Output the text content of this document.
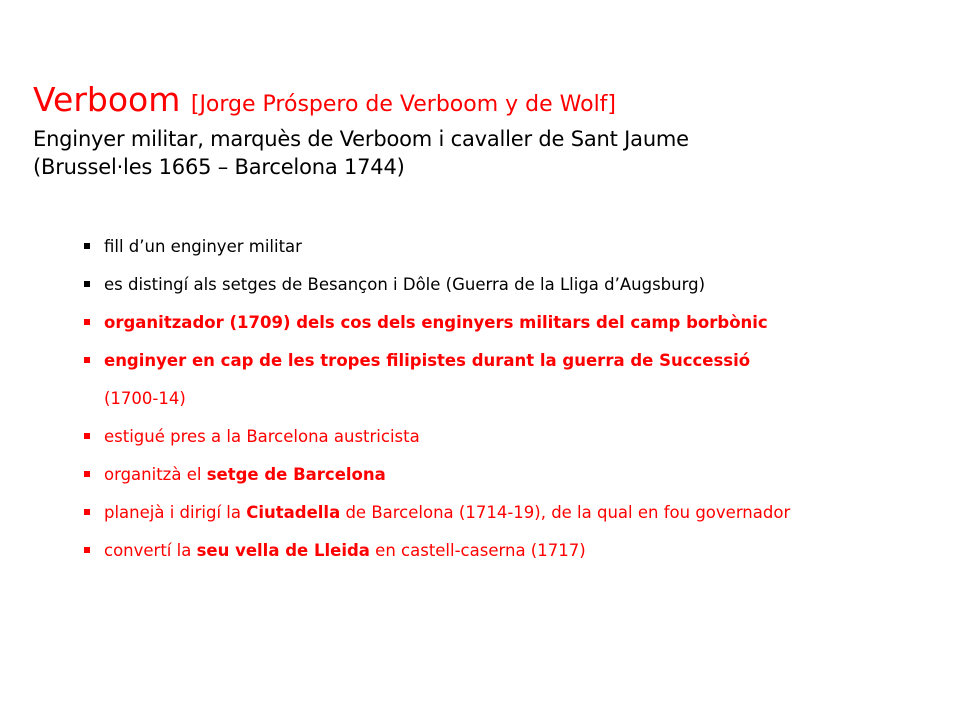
Verboom [Jorge Próspero de Verboom y de Wolf]
Enginyer militar, marquès de Verboom i cavaller de Sant Jaume
(Brussel·les 1665 – Barcelona 1744)
fill d’un enginyer militar
es distingí als setges de Besançon i Dôle (Guerra de la Lliga d’Augsburg)
organitzador (1709) dels cos dels enginyers militars del camp borbònic
enginyer en cap de les tropes filipistes durant la guerra de Successió
(1700-14)
estigué pres a la Barcelona austricista
organitzà el setge de Barcelona
planejà i dirigí la Ciutadella de Barcelona (1714-19), de la qual en fou governador
convertí la seu vella de Lleida en castell-caserna (1717)
